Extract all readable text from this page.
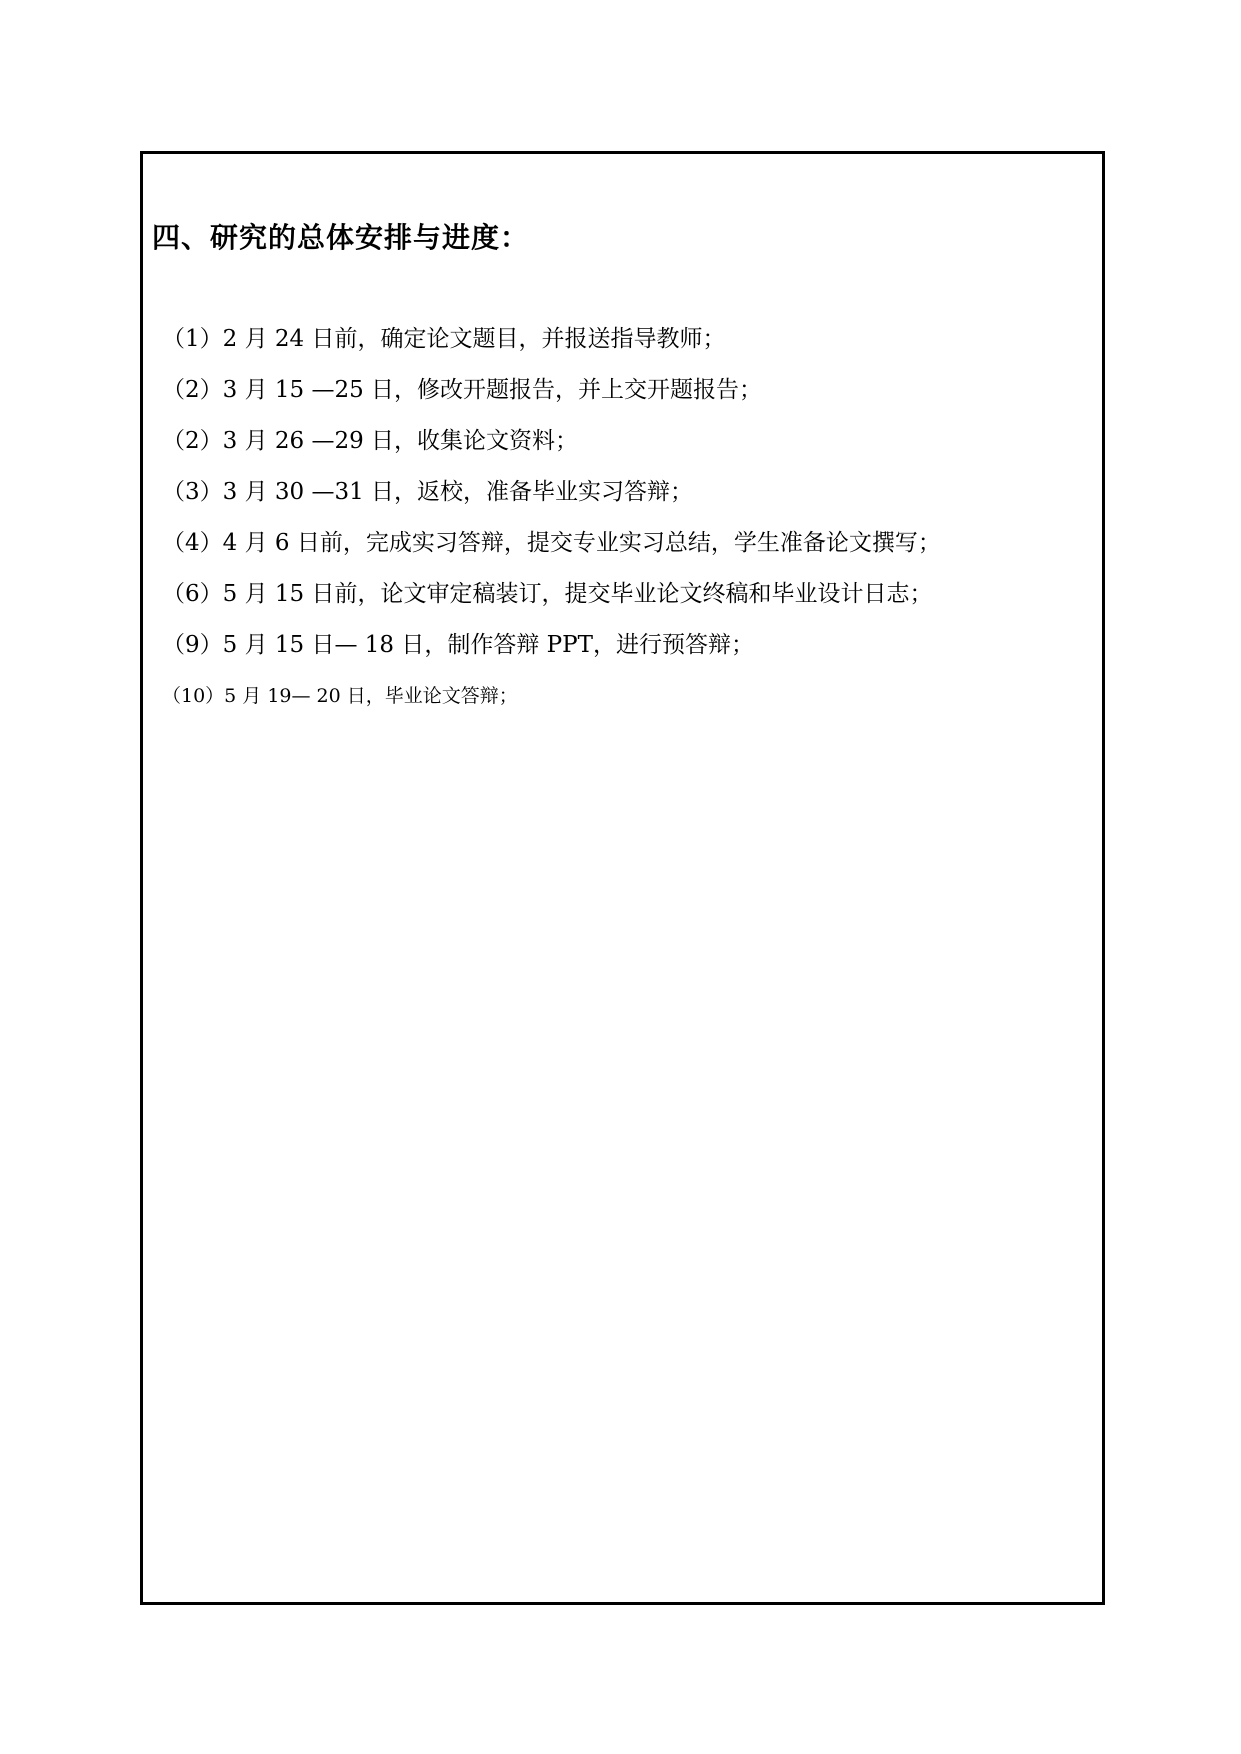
四、研究的总体安排与进度：
（1）2 月 24 日前，确定论文题目，并报送指导教师；
（2）3 月 15 —25 日，修改开题报告，并上交开题报告；
（2）3 月 26 —29 日，收集论文资料；
（3）3 月 30 —31 日，返校，准备毕业实习答辩；
（4）4 月 6 日前，完成实习答辩，提交专业实习总结，学生准备论文撰写；
（6）5 月 15 日前，论文审定稿装订，提交毕业论文终稿和毕业设计日志；
（9）5 月 15 日— 18 日，制作答辩 PPT，进行预答辩；
（10）5 月 19— 20 日，毕业论文答辩；
